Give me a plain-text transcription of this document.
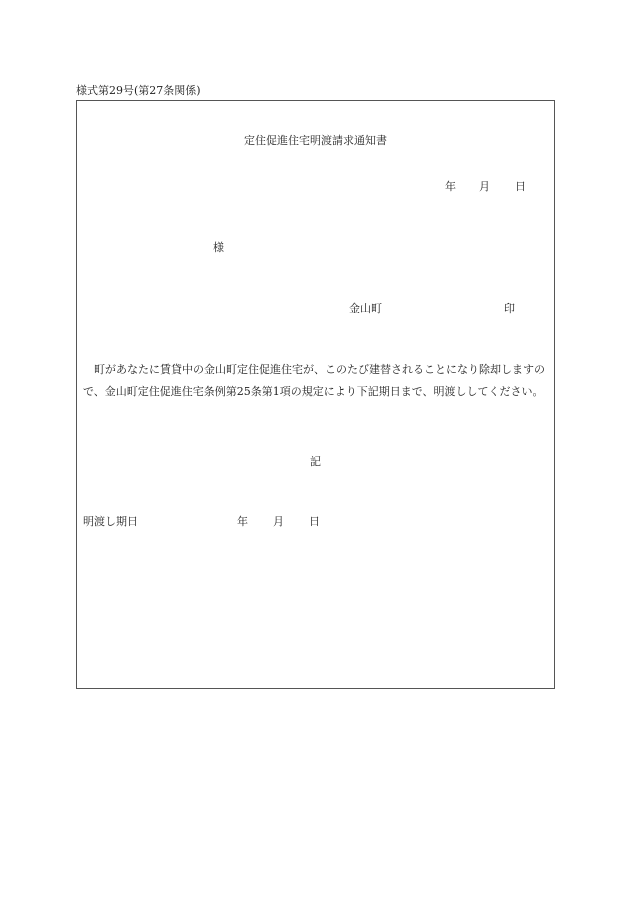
様式第29号(第27条関係)
定住促進住宅明渡請求通知書
年 月 日
様
金山町	印
町があなたに賃貸中の金山町定住促進住宅が、このたび建替されることになり除却しますので、金山町定住促進住宅条例第25条第1項の規定により下記期日まで、明渡ししてください。
記
明渡し期日	年 月 日
